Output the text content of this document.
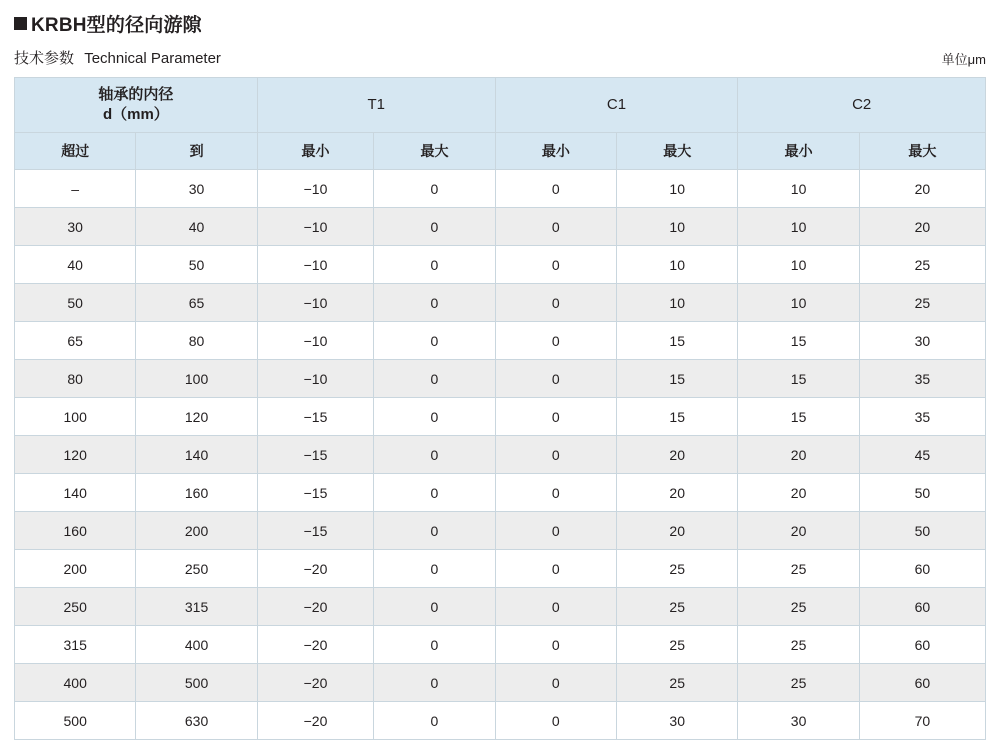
KRBH型的径向游隙
技术参数 Technical Parameter	单位μm
轴承的内径
d（mm）		T1		C1		C2	
超过	到	最小	最大	最小	最大	最小	最大
–	30	−10	0	0	10	10	20
30	40	−10	0	0	10	10	20
40	50	−10	0	0	10	10	25
50	65	−10	0	0	10	10	25
65	80	−10	0	0	15	15	30
80	100	−10	0	0	15	15	35
100	120	−15	0	0	15	15	35
120	140	−15	0	0	20	20	45
140	160	−15	0	0	20	20	50
160	200	−15	0	0	20	20	50
200	250	−20	0	0	25	25	60
250	315	−20	0	0	25	25	60
315	400	−20	0	0	25	25	60
400	500	−20	0	0	25	25	60
500	630	−20	0	0	30	30	70
